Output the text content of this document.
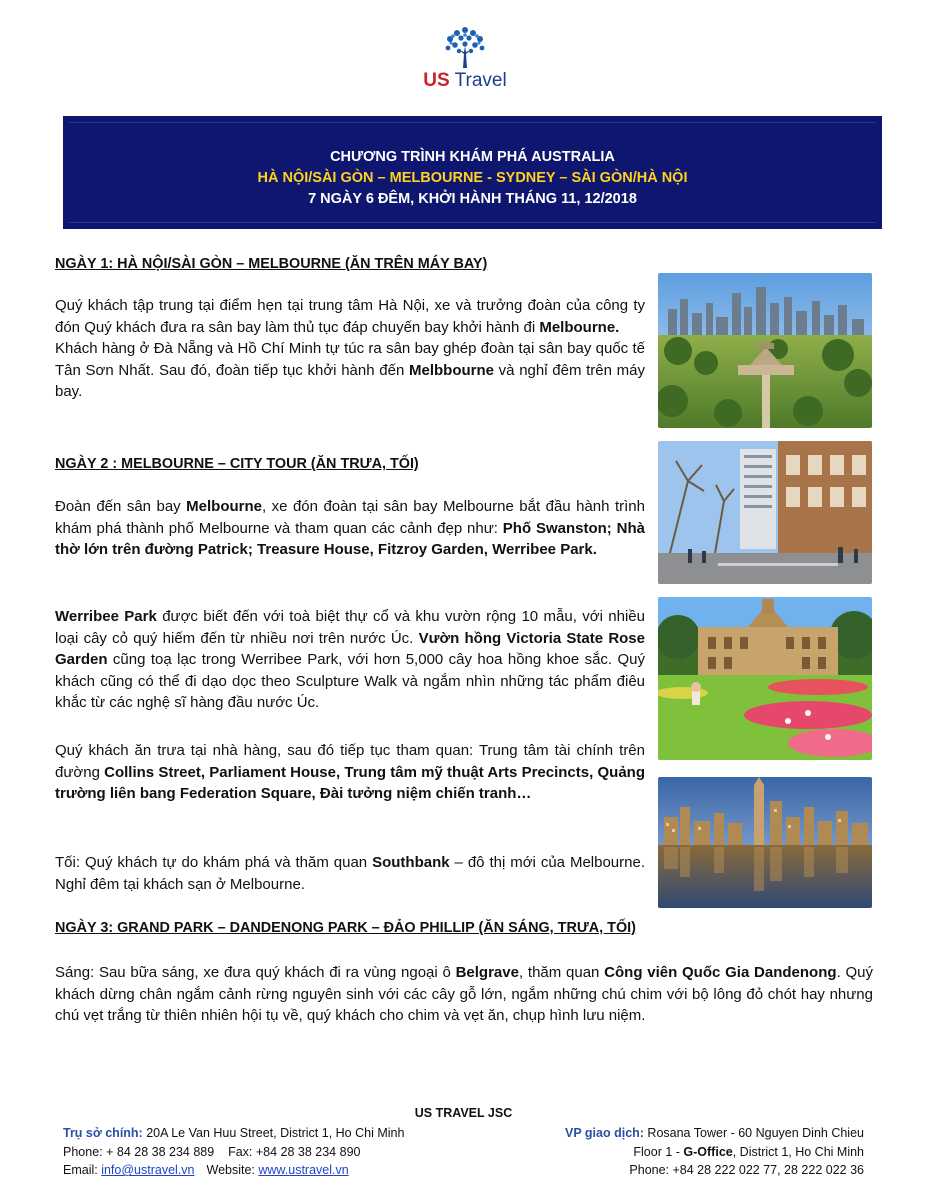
US Travel
CHƯƠNG TRÌNH KHÁM PHÁ AUSTRALIA
HÀ NỘI/SÀI GÒN – MELBOURNE - SYDNEY – SÀI GÒN/HÀ NỘI
7 NGÀY 6 ĐÊM, KHỞI HÀNH THÁNG 11, 12/2018
NGÀY 1: HÀ NỘI/SÀI GÒN – MELBOURNE (ĂN TRÊN MÁY BAY)
Quý khách tập trung tại điểm hẹn tại trung tâm Hà Nội, xe và trưởng đoàn của công ty đón Quý khách đưa ra sân bay làm thủ tục đáp chuyến bay khởi hành đi Melbourne.
Khách hàng ở Đà Nẵng và Hồ Chí Minh tự túc ra sân bay ghép đoàn tại sân bay quốc tế Tân Sơn Nhất. Sau đó, đoàn tiếp tục khởi hành đến Melbbourne và nghỉ đêm trên máy bay.
NGÀY 2 : MELBOURNE – CITY TOUR (ĂN TRƯA, TỐI)
Đoàn đến sân bay Melbourne, xe đón đoàn tại sân bay Melbourne bắt đầu hành trình khám phá thành phố Melbourne và tham quan các cảnh đẹp như: Phố Swanston; Nhà thờ lớn trên đường Patrick; Treasure House, Fitzroy Garden, Werribee Park.
Werribee Park được biết đến với toà biệt thự cổ và khu vườn rộng 10 mẫu, với nhiều loại cây cỏ quý hiếm đến từ nhiều nơi trên nước Úc. Vườn hồng Victoria State Rose Garden cũng toạ lạc trong Werribee Park, với hơn 5,000 cây hoa hồng khoe sắc. Quý khách cũng có thể đi dạo dọc theo Sculpture Walk và ngắm nhìn những tác phẩm điêu khắc từ các nghệ sĩ hàng đầu nước Úc.
Quý khách ăn trưa tại nhà hàng, sau đó tiếp tục tham quan: Trung tâm tài chính trên đường Collins Street, Parliament House, Trung tâm mỹ thuật Arts Precincts, Quảng trường liên bang Federation Square, Đài tưởng niệm chiến tranh…
Tối: Quý khách tự do khám phá và thăm quan Southbank – đô thị mới của Melbourne. Nghỉ đêm tại khách sạn ở Melbourne.
NGÀY 3: GRAND PARK – DANDENONG PARK – ĐẢO PHILLIP (ĂN SÁNG, TRƯA, TỐI)
Sáng: Sau bữa sáng, xe đưa quý khách đi ra vùng ngoại ô Belgrave, thăm quan Công viên Quốc Gia Dandenong. Quý khách dừng chân ngắm cảnh rừng nguyên sinh với các cây gỗ lớn, ngắm những chú chim với bộ lông đỏ chót hay nhưng chú vẹt trắng từ thiên nhiên hội tụ về, quý khách cho chim và vẹt ăn, chụp hình lưu niệm.
US TRAVEL JSC
Trụ sở chính: 20A Le Van Huu Street, District 1, Ho Chi Minh
Phone: + 84 28 38 234 889    Fax: +84 28 38 234 890
Email: info@ustravel.vn Website: www.ustravel.vn
VP giao dịch: Rosana Tower - 60 Nguyen Dinh Chieu
Floor 1 - G-Office, District 1, Ho Chi Minh
Phone: +84 28 222 022 77, 28 222 022 36
